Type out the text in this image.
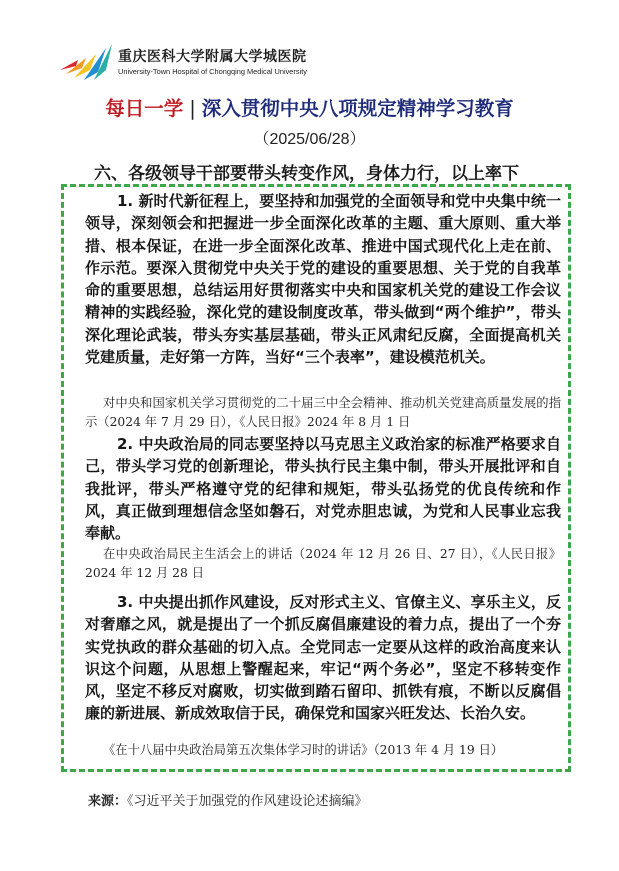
重庆医科大学附属大学城医院
University-Town Hospital of Chongqing Medical University
每日一学 | 深入贯彻中央八项规定精神学习教育
（2025/06/28）
六、各级领导干部要带头转变作风，身体力行，以上率下
1. 新时代新征程上，要坚持和加强党的全面领导和党中央集中统一领导，深刻领会和把握进一步全面深化改革的主题、重大原则、重大举措、根本保证，在进一步全面深化改革、推进中国式现代化上走在前、作示范。要深入贯彻党中央关于党的建设的重要思想、关于党的自我革命的重要思想，总结运用好贯彻落实中央和国家机关党的建设工作会议精神的实践经验，深化党的建设制度改革，带头做到“两个维护”，带头深化理论武装，带头夯实基层基础，带头正风肃纪反腐，全面提高机关党建质量，走好第一方阵，当好“三个表率”，建设模范机关。
对中央和国家机关学习贯彻党的二十届三中全会精神、推动机关党建高质量发展的指示（2024 年 7 月 29 日），《人民日报》2024 年 8 月 1 日
2. 中央政治局的同志要坚持以马克思主义政治家的标准严格要求自己，带头学习党的创新理论，带头执行民主集中制，带头开展批评和自我批评，带头严格遵守党的纪律和规矩，带头弘扬党的优良传统和作风，真正做到理想信念坚如磐石，对党赤胆忠诚，为党和人民事业忘我奉献。
在中央政治局民主生活会上的讲话（2024 年 12 月 26 日、27 日），《人民日报》2024 年 12 月 28 日
3. 中央提出抓作风建设，反对形式主义、官僚主义、享乐主义，反对奢靡之风，就是提出了一个抓反腐倡廉建设的着力点，提出了一个夯实党执政的群众基础的切入点。全党同志一定要从这样的政治高度来认识这个问题，从思想上警醒起来，牢记“两个务必”，坚定不移转变作风，坚定不移反对腐败，切实做到踏石留印、抓铁有痕，不断以反腐倡廉的新进展、新成效取信于民，确保党和国家兴旺发达、长治久安。
《在十八届中央政治局第五次集体学习时的讲话》（2013 年 4 月 19 日）
来源：《习近平关于加强党的作风建设论述摘编》
